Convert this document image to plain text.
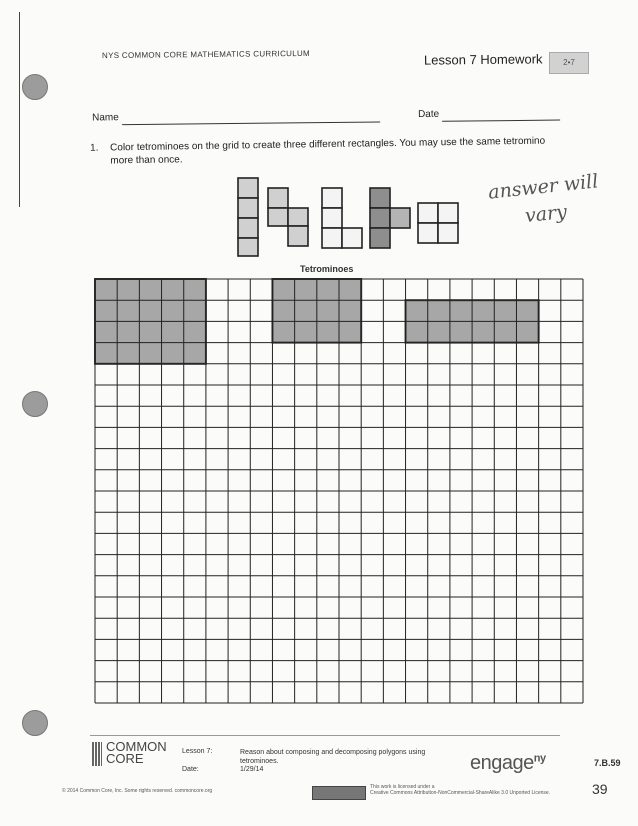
NYS COMMON CORE MATHEMATICS CURRICULUM	Lesson 7 Homework	2•7
Name	Date
1. Color tetrominoes on the grid to create three different rectangles. You may use the same tetromino more than once.
Tetrominoes
answer will
vary
COMMON
CORE	Lesson 7:
Date:
Reason about composing and decomposing polygons using tetrominoes.
1/29/14	engage$^{ny}$	7.B.59
39
© 2014 Common Core, Inc. Some rights reserved. commoncore.org
This work is licensed under a
Creative Commons Attribution-NonCommercial-ShareAlike 3.0 Unported License.
